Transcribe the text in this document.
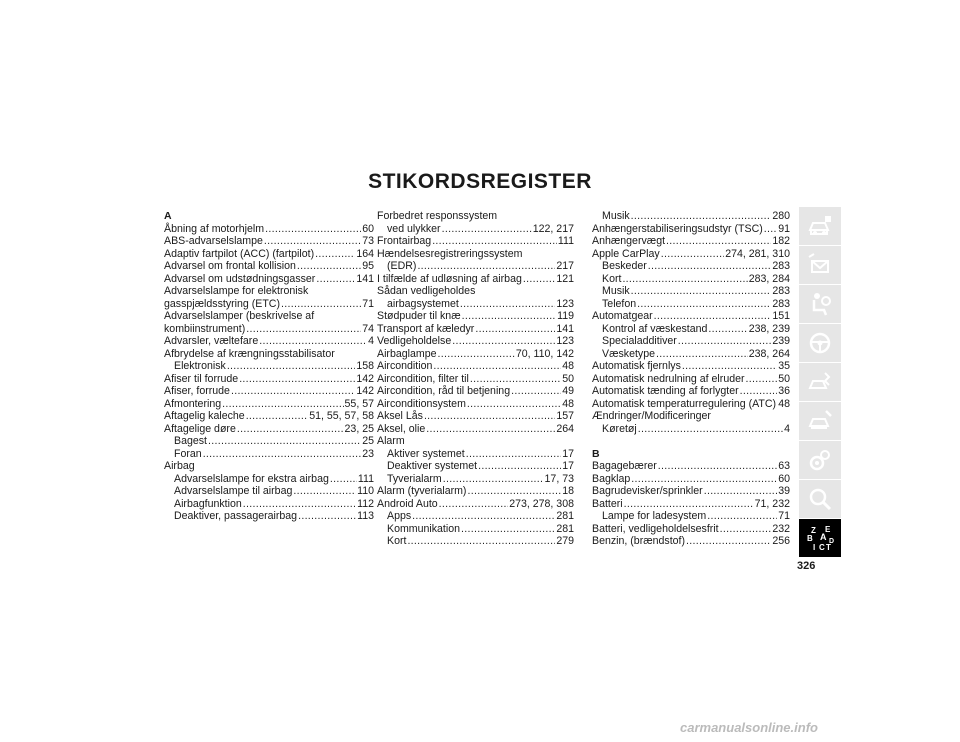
STIKORDSREGISTER
A
Åbning af motorhjelm .....	60
ABS-advarselslampe .....	73
Adaptiv fartpilot (ACC) (fartpilot) .....	164
Advarsel om frontal kollision .....	95
Advarsel om udstødningsgasser .....	141
Advarselslampe for elektronisk
gasspjældsstyring (ETC) .....	71
Advarselslamper (beskrivelse af
kombiinstrument) .....	74
Advarsler, væltefare .....	4
Afbrydelse af krængningsstabilisator
Elektronisk .....	158
Afiser til forrude .....	142
Afiser, forrude .....	142
Afmontering .....	55, 57
Aftagelig kaleche .....	51, 55, 57, 58
Aftagelige døre .....	23, 25
Bagest .....	25
Foran .....	23
Airbag
Advarselslampe for ekstra airbag .....	111
Advarselslampe til airbag .....	110
Airbagfunktion .....	112
Deaktiver, passagerairbag .....	113
Forbedret responssystem
ved ulykker .....	122, 217
Frontairbag .....	111
Hændelsesregistreringssystem
(EDR) .....	217
I tilfælde af udløsning af airbag .....	121
Sådan vedligeholdes
airbagsystemet .....	123
Stødpuder til knæ .....	119
Transport af kæledyr .....	141
Vedligeholdelse .....	123
Airbaglampe .....	70, 110, 142
Aircondition .....	48
Aircondition, filter til .....	50
Aircondition, råd til betjening .....	49
Airconditionsystem .....	48
Aksel Lås .....	157
Aksel, olie .....	264
Alarm
Aktiver systemet .....	17
Deaktiver systemet .....	17
Tyverialarm .....	17, 73
Alarm (tyverialarm) .....	18
Android Auto .....	273, 278, 308
Apps .....	281
Kommunikation .....	281
Kort .....	279
Musik .....	280
Anhængerstabiliseringsudstyr (TSC) ..... 91
Anhængervægt .....	182
Apple CarPlay .....	274, 281, 310
Beskeder .....	283
Kort .....	283, 284
Musik .....	283
Telefon .....	283
Automatgear .....	151
Kontrol af væskestand .....	238, 239
Specialadditiver .....	239
Væsketype .....	238, 264
Automatisk fjernlys .....	35
Automatisk nedrulning af elruder .....	50
Automatisk tænding af forlygter .....	36
Automatisk temperaturregulering (ATC) ..... 48
Ændringer/Modificeringer
Køretøj .....	4
B
Bagagebærer .....	63
Bagklap .....	60
Bagrudevisker/sprinkler .....	39
Batteri .....	71, 232
Lampe for ladesystem .....	71
Batteri, vedligeholdelsesfrit .....	232
Benzin, (brændstof) .....	256
Z E
B A
I C T
D
326
carmanualsonline.info
